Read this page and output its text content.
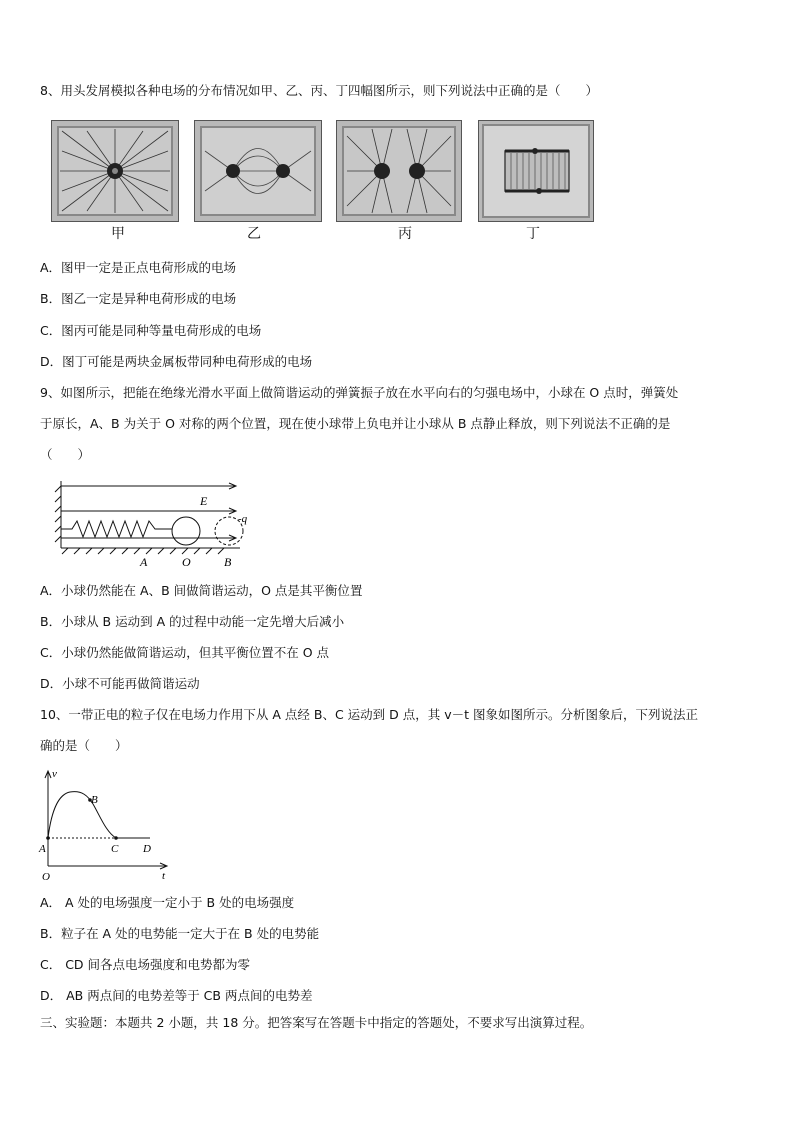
8、用头发屑模拟各种电场的分布情况如甲、乙、丙、丁四幅图所示，则下列说法中正确的是（　　）
甲	乙	丙	丁
A．图甲一定是正点电荷形成的电场
B．图乙一定是异种电荷形成的电场
C．图丙可能是同种等量电荷形成的电场
D．图丁可能是两块金属板带同种电荷形成的电场
9、如图所示，把能在绝缘光滑水平面上做简谐运动的弹簧振子放在水平向右的匀强电场中，小球在 O 点时，弹簧处
于原长，A、B 为关于 O 对称的两个位置，现在使小球带上负电并让小球从 B 点静止释放，则下列说法不正确的是
（　　）
E
-q
A	O	B
A．小球仍然能在 A、B 间做简谐运动，O 点是其平衡位置
B．小球从 B 运动到 A 的过程中动能一定先增大后减小
C．小球仍然能做简谐运动，但其平衡位置不在 O 点
D．小球不可能再做简谐运动
10、一带正电的粒子仅在电场力作用下从 A 点经 B、C 运动到 D 点，其 v－t 图象如图所示。分析图象后，下列说法正
确的是（　　）
v
t
O
A
B
C D
A． A 处的电场强度一定小于 B 处的电场强度
B．粒子在 A 处的电势能一定大于在 B 处的电势能
C． CD 间各点电场强度和电势都为零
D． AB 两点间的电势差等于 CB 两点间的电势差
三、实验题：本题共 2 小题，共 18 分。把答案写在答题卡中指定的答题处，不要求写出演算过程。
